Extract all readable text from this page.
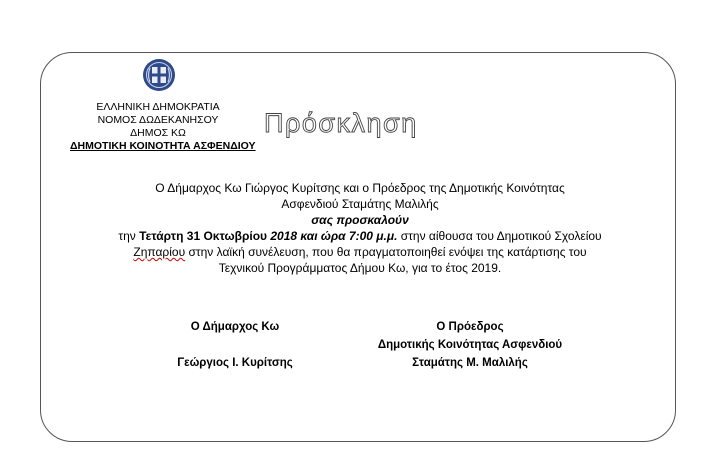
ΕΛΛΗΝΙΚΗ ΔΗΜΟΚΡΑΤΙΑ
ΝΟΜΟΣ ΔΩΔΕΚΑΝΗΣΟΥ
ΔΗΜΟΣ ΚΩ
ΔΗΜΟΤΙΚΗ ΚΟΙΝΟΤΗΤΑ ΑΣΦΕΝΔΙΟΥ
Πρόσκληση
Ο Δήμαρχος Κω Γιώργος Κυρίτσης και ο Πρόεδρος της Δημοτικής Κοινότητας
Ασφενδιού Σταμάτης Μαλιλής
σας προσκαλούν
την Τετάρτη 31 Οκτωβρίου 2018 και ώρα 7:00 μ.μ. στην αίθουσα του Δημοτικού Σχολείου
Ζηπαρίου στην λαϊκή συνέλευση, που θα πραγματοποιηθεί ενόψει της κατάρτισης του
Τεχνικού Προγράμματος Δήμου Κω, για το έτος 2019.
Ο Δήμαρχος Κω
Γεώργιος Ι. Κυρίτσης
Ο Πρόεδρος
Δημοτικής Κοινότητας Ασφενδιού
Σταμάτης Μ. Μαλιλής
